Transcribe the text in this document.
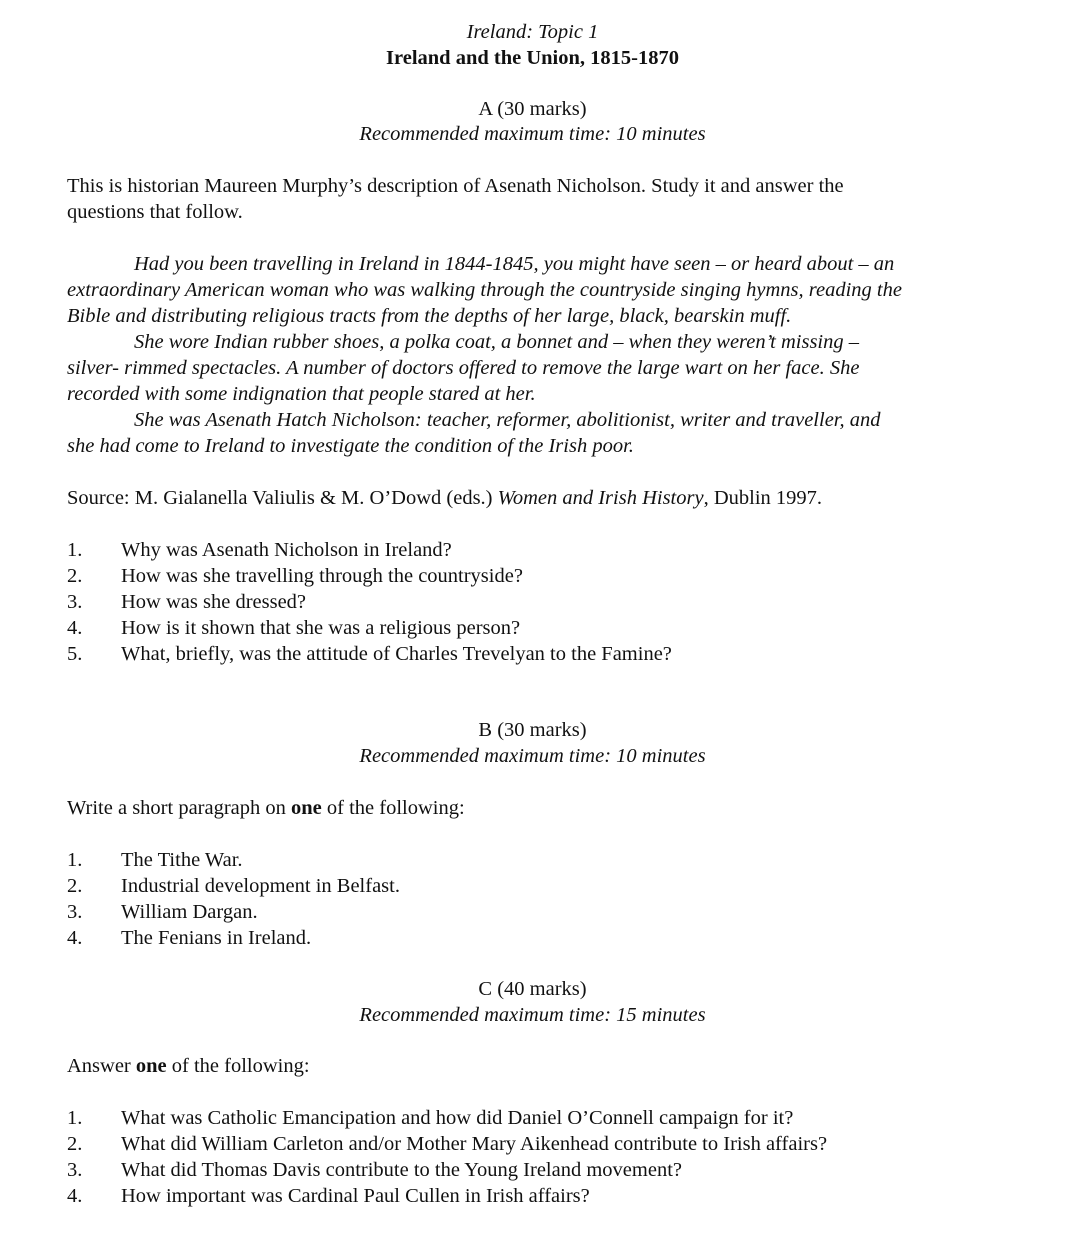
Ireland: Topic 1
Ireland and the Union, 1815-1870
A (30 marks)
Recommended maximum time: 10 minutes
This is historian Maureen Murphy’s description of Asenath Nicholson. Study it and answer the
questions that follow.
Had you been travelling in Ireland in 1844-1845, you might have seen – or heard about – an
extraordinary American woman who was walking through the countryside singing hymns, reading the
Bible and distributing religious tracts from the depths of her large, black, bearskin muff.
She wore Indian rubber shoes, a polka coat, a bonnet and – when they weren’t missing –
silver- rimmed spectacles. A number of doctors offered to remove the large wart on her face. She
recorded with some indignation that people stared at her.
She was Asenath Hatch Nicholson: teacher, reformer, abolitionist, writer and traveller, and
she had come to Ireland to investigate the condition of the Irish poor.
Source: M. Gialanella Valiulis & M. O’Dowd (eds.) Women and Irish History, Dublin 1997.
1.	Why was Asenath Nicholson in Ireland?
2.	How was she travelling through the countryside?
3.	How was she dressed?
4.	How is it shown that she was a religious person?
5.	What, briefly, was the attitude of Charles Trevelyan to the Famine?
B (30 marks)
Recommended maximum time: 10 minutes
Write a short paragraph on one of the following:
1.	The Tithe War.
2.	Industrial development in Belfast.
3.	William Dargan.
4.	The Fenians in Ireland.
C (40 marks)
Recommended maximum time: 15 minutes
Answer one of the following:
1.	What was Catholic Emancipation and how did Daniel O’Connell campaign for it?
2.	What did William Carleton and/or Mother Mary Aikenhead contribute to Irish affairs?
3.	What did Thomas Davis contribute to the Young Ireland movement?
4.	How important was Cardinal Paul Cullen in Irish affairs?
